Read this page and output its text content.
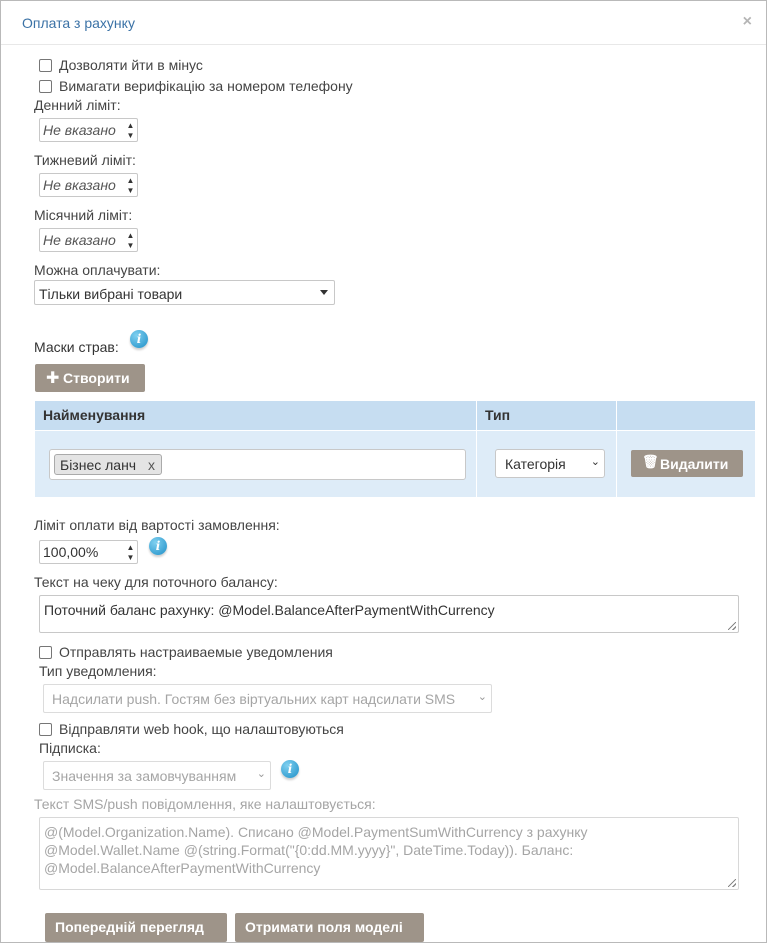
Оплата з рахунку	×
Дозволяти йти в мінус
Вимагати верифікацію за номером телефону
Денний ліміт:
Не вказано ▲
▼
Тижневий ліміт:
Не вказано ▲
▼
Місячний ліміт:
Не вказано ▲
▼
Можна оплачувати:
Тільки вибрані товари
Маски страв:	i
✚ Створити
Найменування	Тип
Бізнес ланч x	Категорія ⌄	🗑 Видалити
Ліміт оплати від вартості замовлення:
100,00%	▲
▼
i
Текст на чеку для поточного балансу:
Поточний баланс рахунку: @Model.BalanceAfterPaymentWithCurrency
Отправлять настраиваемые уведомления
Тип уведомления:
Надсилати push. Гостям без віртуальних карт надсилати SMS ⌄
Відправляти web hook, що налаштовуються
Підписка:
Значення за замовчуванням ⌄	i
Текст SMS/push повідомлення, яке налаштовується:
@(Model.Organization.Name). Списано @Model.PaymentSumWithCurrency з рахунку
@Model.Wallet.Name @(string.Format("{0:dd.MM.yyyy}", DateTime.Today)). Баланс:
@Model.BalanceAfterPaymentWithCurrency
Попередній перегляд	Отримати поля моделі
